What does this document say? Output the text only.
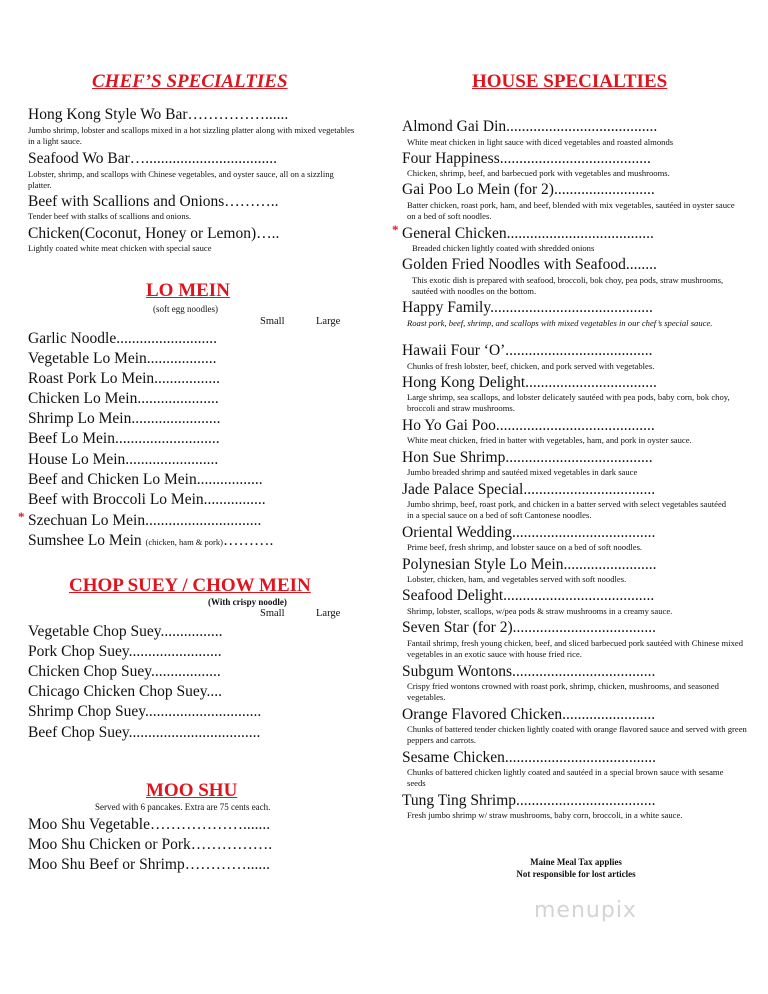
CHEF’S SPECIALTIES
Hong Kong Style Wo Bar……………......
Jumbo shrimp, lobster and scallops mixed in a hot sizzling platter along with mixed vegetables in a light sauce.
Seafood Wo Bar…..................................
Lobster, shrimp, and scallops with Chinese vegetables, and oyster sauce, all on a sizzling platter.
Beef with Scallions and Onions………..
Tender beef with stalks of scallions and onions.
Chicken(Coconut, Honey or Lemon)…..
Lightly coated white meat chicken with special sauce
LO MEIN
(soft egg noodles)
Small	Large
Garlic Noodle..........................
Vegetable Lo Mein..................
Roast Pork Lo Mein.................
Chicken Lo Mein.....................
Shrimp Lo Mein.......................
Beef Lo Mein...........................
House Lo Mein........................
Beef and Chicken Lo Mein.................
Beef with Broccoli Lo Mein................
* Szechuan Lo Mein..............................
Sumshee Lo Mein (chicken, ham & pork)……….
CHOP SUEY / CHOW MEIN
(With crispy noodle)
Small	Large
Vegetable Chop Suey................
Pork Chop Suey........................
Chicken Chop Suey..................
Chicago Chicken Chop Suey....
Shrimp Chop Suey..............................
Beef Chop Suey..................................
MOO SHU
Served with 6 pancakes. Extra are 75 cents each.
Moo Shu Vegetable……………….......
Moo Shu Chicken or Pork…………….
Moo Shu Beef or Shrimp…………......
HOUSE SPECIALTIES
Almond Gai Din.......................................
White meat chicken in light sauce with diced vegetables and roasted almonds
Four Happiness.......................................
Chicken, shrimp, beef, and barbecued pork with vegetables and mushrooms.
Gai Poo Lo Mein (for 2)..........................
Batter chicken, roast pork, ham, and beef, blended with mix vegetables, sautéed in oyster sauce on a bed of soft noodles.
* General Chicken......................................
Breaded chicken lightly coated with shredded onions
Golden Fried Noodles with Seafood........
This exotic dish is prepared with seafood, broccoli, bok choy, pea pods, straw mushrooms, sautéed with noodles on the bottom.
Happy Family..........................................
Roast pork, beef, shrimp, and scallops with mixed vegetables in our chef’s special sauce.
Hawaii Four ‘O’......................................
Chunks of fresh lobster, beef, chicken, and pork served with vegetables.
Hong Kong Delight..................................
Large shrimp, sea scallops, and lobster delicately sautéed with pea pods, baby corn, bok choy, broccoli and straw mushrooms.
Ho Yo Gai Poo.........................................
White meat chicken, fried in batter with vegetables, ham, and pork in oyster sauce.
Hon Sue Shrimp......................................
Jumbo breaded shrimp and sautéed mixed vegetables in dark sauce
Jade Palace Special..................................
Jumbo shrimp, beef, roast pork, and chicken in a batter served with select vegetables sautéed in a special sauce on a bed of soft Cantonese noodles.
Oriental Wedding.....................................
Prime beef, fresh shrimp, and lobster sauce on a bed of soft noodles.
Polynesian Style Lo Mein........................
Lobster, chicken, ham, and vegetables served with soft noodles.
Seafood Delight.......................................
Shrimp, lobster, scallops, w/pea pods & straw mushrooms in a creamy sauce.
Seven Star (for 2).....................................
Fantail shrimp, fresh young chicken, beef, and sliced barbecued pork sautéed with Chinese mixed vegetables in an exotic sauce with house fried rice.
Subgum Wontons.....................................
Crispy fried wontons crowned with roast pork, shrimp, chicken, mushrooms, and seasoned vegetables.
Orange Flavored Chicken........................
Chunks of battered tender chicken lightly coated with orange flavored sauce and served with green peppers and carrots.
Sesame Chicken.......................................
Chunks of battered chicken lightly coated and sautéed in a special brown sauce with sesame seeds
Tung Ting Shrimp....................................
Fresh jumbo shrimp w/ straw mushrooms, baby corn, broccoli, in a white sauce.
Maine Meal Tax applies
Not responsible for lost articles
menupix
